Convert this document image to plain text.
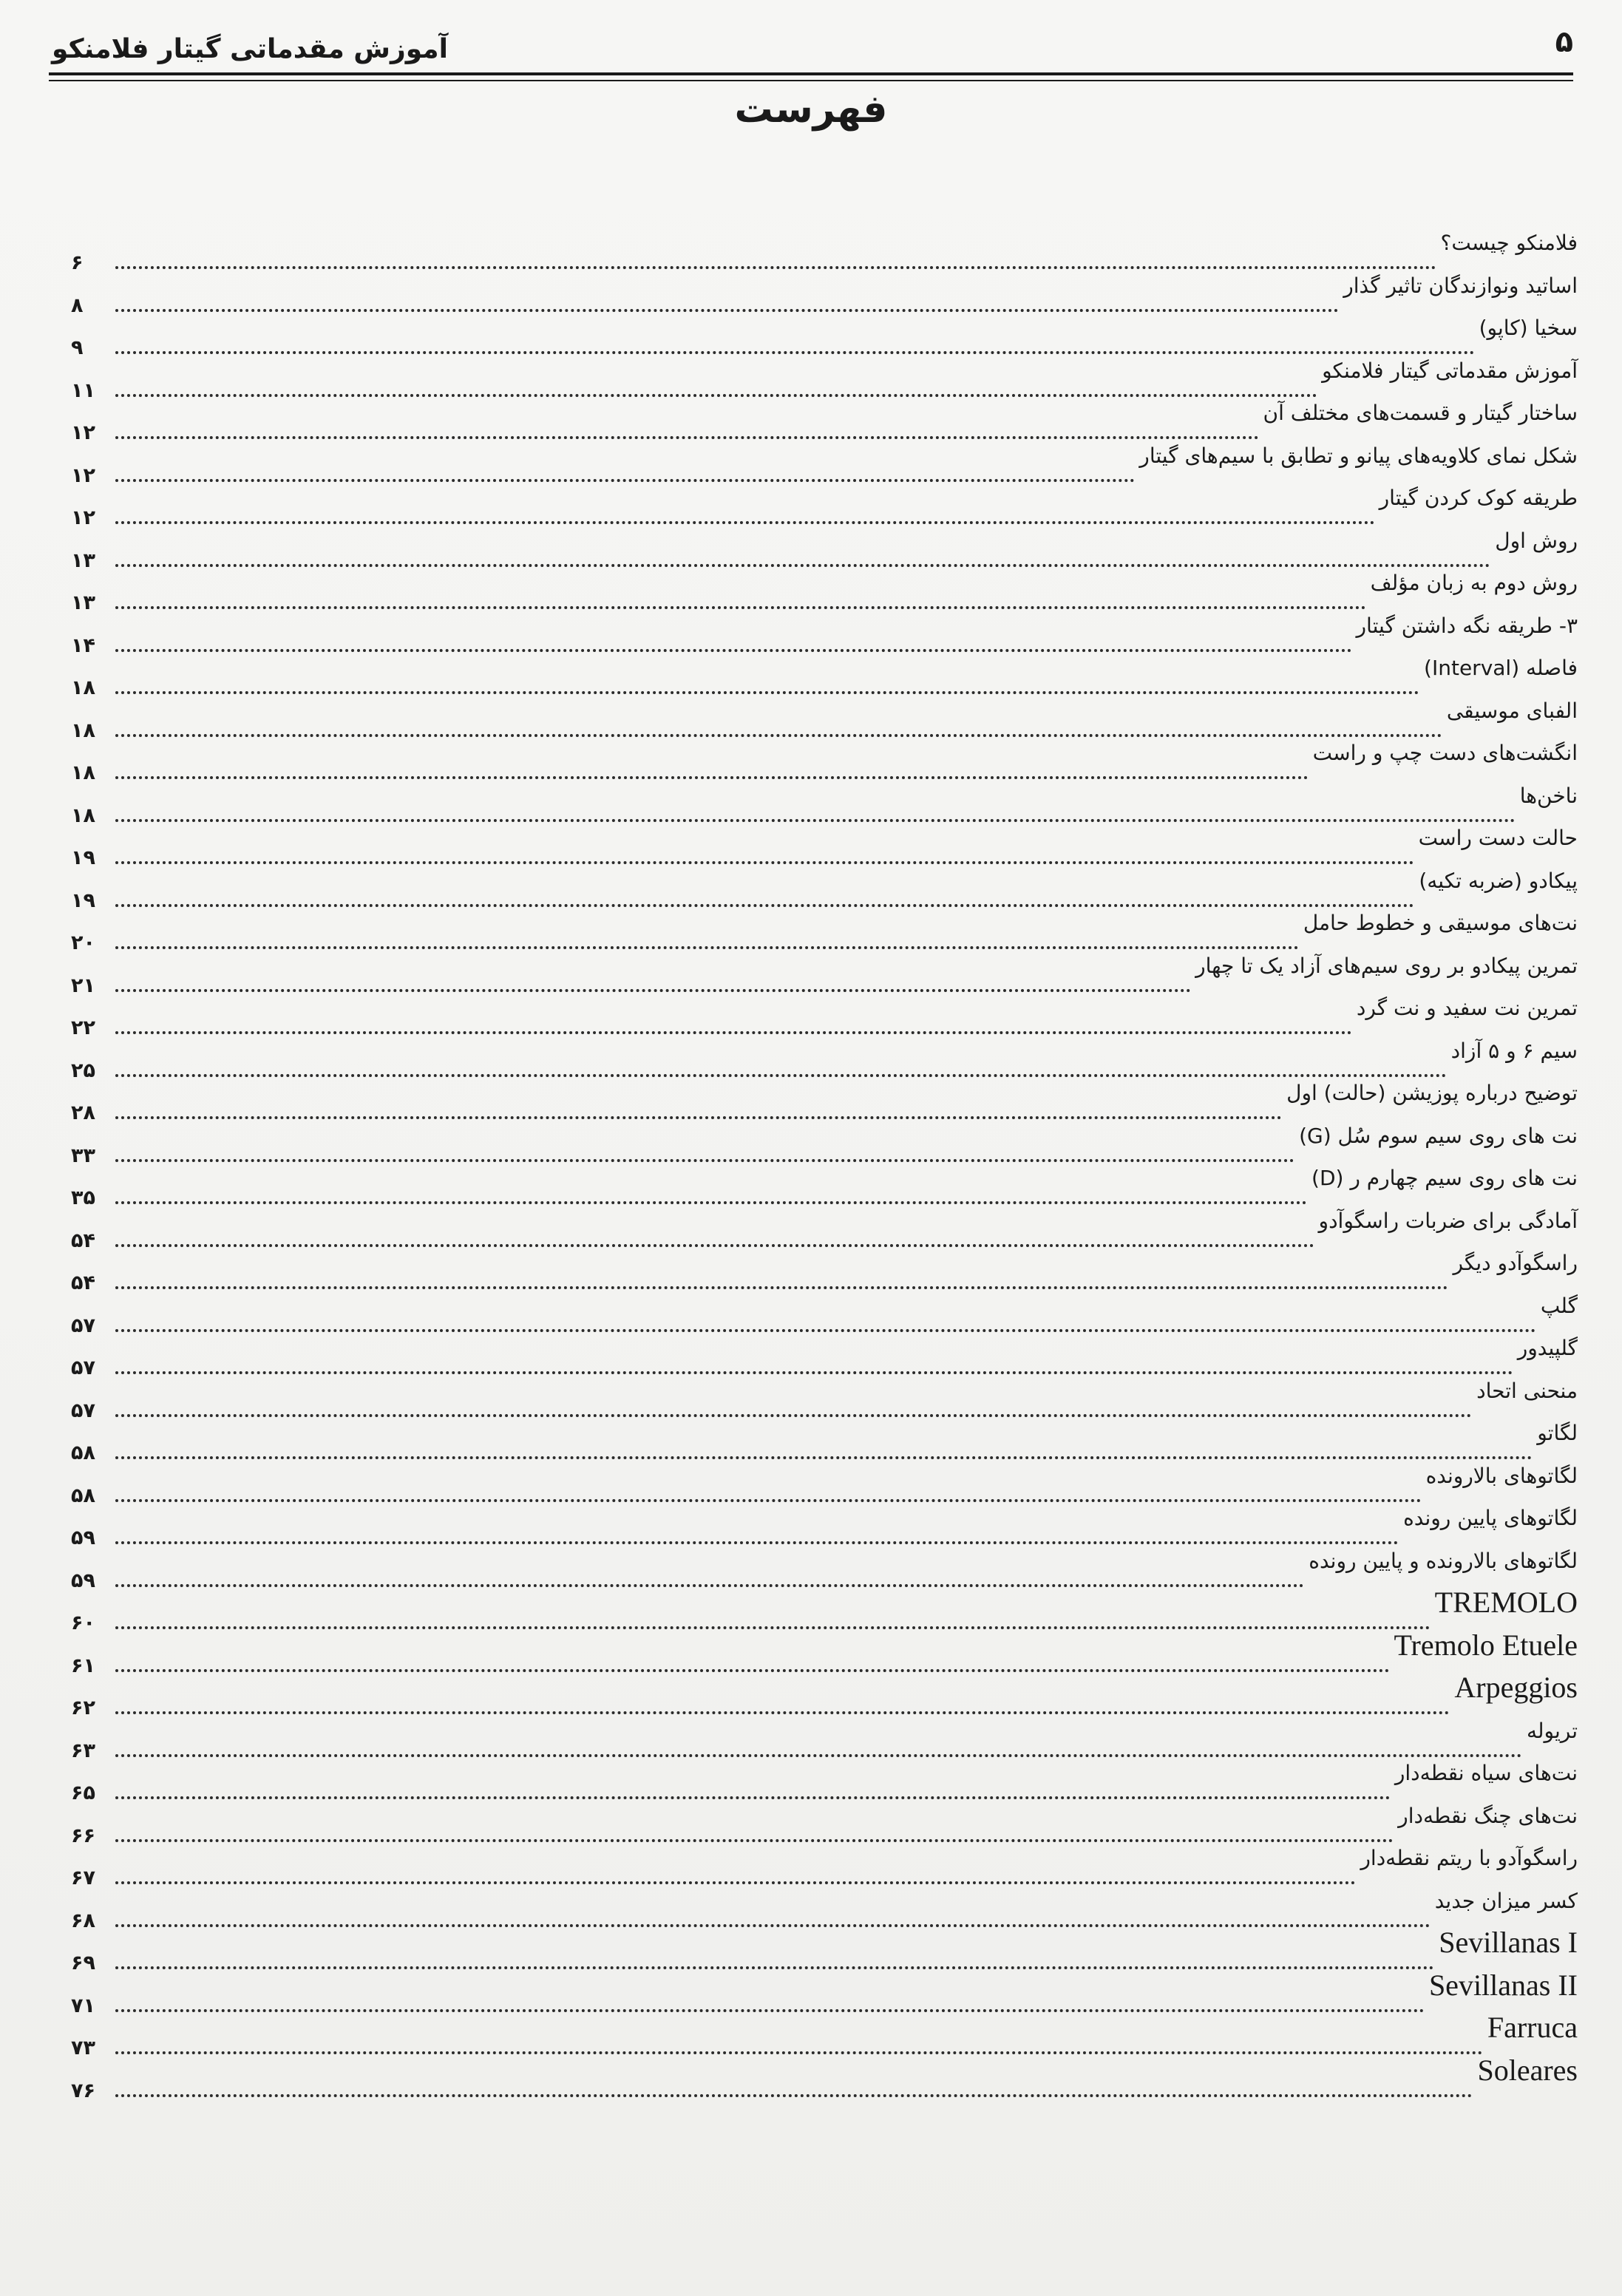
آموزش مقدماتی گیتار فلامنکو	۵
فهرست
فلامنکو چیست؟
۶
اساتید ونوازندگان تاثیر گذار
۸
سخیا (کاپو)
۹
آموزش مقدماتی گیتار فلامنکو
۱۱
ساختار گیتار و قسمت‌های مختلف آن
۱۲
شکل نمای کلاویه‌های پیانو و تطابق با سیم‌های گیتار
۱۲
طریقه کوک کردن گیتار
۱۲
روش اول
۱۳
روش دوم به زبان مؤلف
۱۳
۳- طریقه نگه داشتن گیتار
۱۴
فاصله (Interval)
۱۸
الفبای موسیقی
۱۸
انگشت‌های دست چپ و راست
۱۸
ناخن‌ها
۱۸
حالت دست راست
۱۹
پیکادو (ضربه تکیه)
۱۹
نت‌های موسیقی و خطوط حامل
۲۰
تمرین پیکادو بر روی سیم‌های آزاد یک تا چهار
۲۱
تمرین نت سفید و نت گرد
۲۲
سیم ۶ و ۵ آزاد
۲۵
توضیح درباره پوزیشن (حالت) اول
۲۸
نت های روی سیم سوم سُل (G)
۳۳
نت های روی سیم چهارم ر (D)
۳۵
آمادگی برای ضربات راسگوآدو
۵۴
راسگوآدو دیگر
۵۴
گلپ
۵۷
گلپیدور
۵۷
منحنی اتحاد
۵۷
لگاتو
۵۸
لگاتوهای بالارونده
۵۸
لگاتوهای پایین رونده
۵۹
لگاتوهای بالارونده و پایین رونده
۵۹
TREMOLO
۶۰
Tremolo Etuele
۶۱
Arpeggios
۶۲
تریوله
۶۳
نت‌های سیاه نقطه‌دار
۶۵
نت‌های چنگ نقطه‌دار
۶۶
راسگوآدو با ریتم نقطه‌دار
۶۷
کسر میزان جدید
۶۸
Sevillanas I
۶۹
Sevillanas II
۷۱
Farruca
۷۳
Soleares
۷۶
